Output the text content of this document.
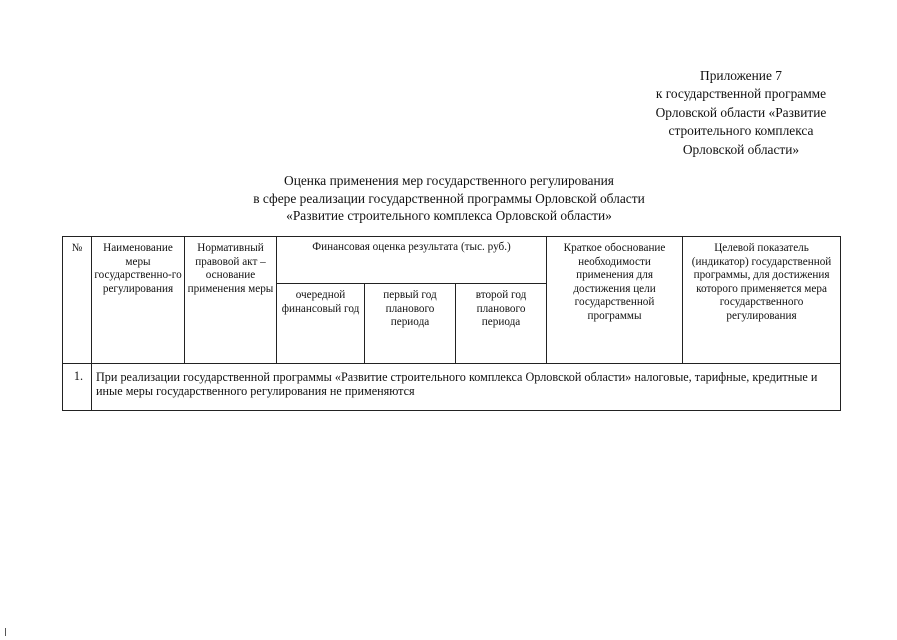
Приложение 7
к государственной программе
Орловской области «Развитие
строительного комплекса
Орловской области»
Оценка применения мер государственного регулирования
в сфере реализации государственной программы Орловской области
«Развитие строительного комплекса Орловской области»
№	Наименование меры государственно-го регулирования	Нормативный правовой акт – основание применения меры	Финансовая оценка результата (тыс. руб.)			Краткое обоснование необходимости применения для достижения цели государственной программы	Целевой показатель (индикатор) государственной программы, для достижения которого применяется мера государственного регулирования
			очередной финансовый год	первый год планового периода	второй год планового периода		
1.	При реализации государственной программы «Развитие строительного комплекса Орловской области» налоговые, тарифные, кредитные и иные меры государственного регулирования не применяются						
